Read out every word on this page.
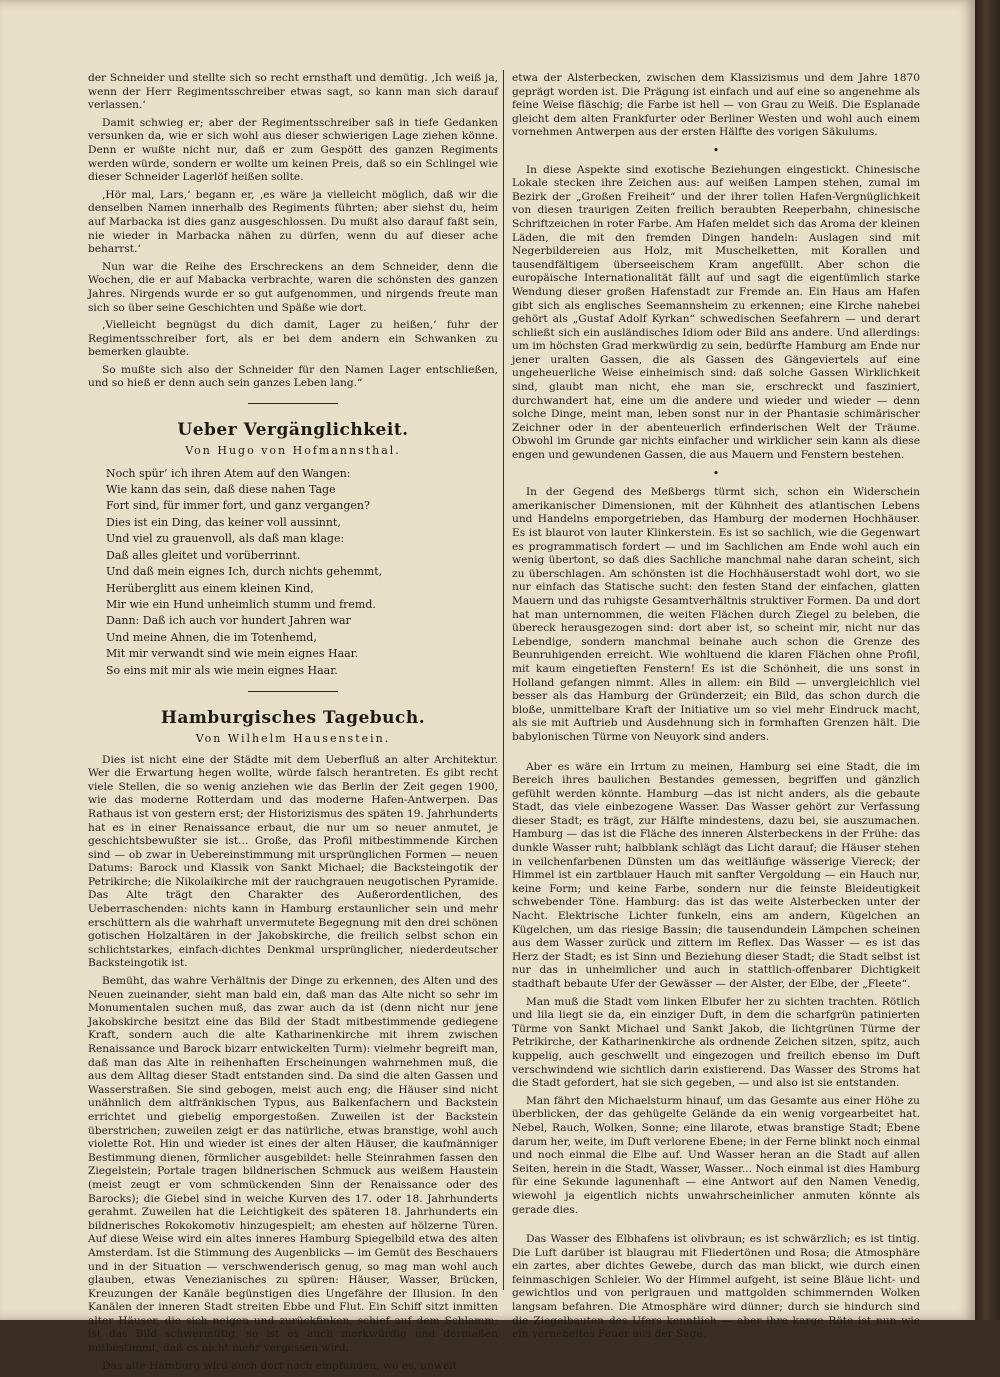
der Schneider und stellte sich so recht ernsthaft und demütig. ‚Ich weiß ja, wenn der Herr Regimentsschreiber etwas sagt, so kann man sich darauf verlassen.‘

Damit schwieg er; aber der Regimentsschreiber saß in tiefe Gedanken versunken da, wie er sich wohl aus dieser schwierigen Lage ziehen könne. Denn er wußte nicht nur, daß er zum Gespött des ganzen Regiments werden würde, sondern er wollte um keinen Preis, daß so ein Schlingel wie dieser Schneider Lagerlöf heißen sollte.

‚Hör mal, Lars,‘ begann er, ‚es wäre ja vielleicht möglich, daß wir die denselben Namen innerhalb des Regiments führten; aber siehst du, heim auf Marbacka ist dies ganz ausgeschlossen. Du mußt also darauf faßt sein, nie wieder in Marbacka nähen zu dürfen, wenn du auf dieser ache beharrst.‘

Nun war die Reihe des Erschreckens an dem Schneider, denn die Wochen, die er auf Mabacka verbrachte, waren die schönsten des ganzen Jahres. Nirgends wurde er so gut aufgenommen, und nirgends freute man sich so über seine Geschichten und Späße wie dort.

‚Vielleicht begnügst du dich damit, Lager zu heißen,‘ fuhr der Regimentsschreiber fort, als er bei dem andern ein Schwanken zu bemerken glaubte.

So mußte sich also der Schneider für den Namen Lager entschließen, und so hieß er denn auch sein ganzes Leben lang.“

Ueber Vergänglichkeit.
Von Hugo von Hofmannsthal.
Noch spür’ ich ihren Atem auf den Wangen:
Wie kann das sein, daß diese nahen Tage
Fort sind, für immer fort, und ganz vergangen?
Dies ist ein Ding, das keiner voll aussinnt,
Und viel zu grauenvoll, als daß man klage:
Daß alles gleitet und vorüberrinnt.
Und daß mein eignes Ich, durch nichts gehemmt,
Herüberglitt aus einem kleinen Kind,
Mir wie ein Hund unheimlich stumm und fremd.
Dann: Daß ich auch vor hundert Jahren war
Und meine Ahnen, die im Totenhemd,
Mit mir verwandt sind wie mein eignes Haar.
So eins mit mir als wie mein eignes Haar.
Hamburgisches Tagebuch.
Von Wilhelm Hausenstein.

Dies ist nicht eine der Städte mit dem Ueberfluß an alter Architektur. Wer die Erwartung hegen wollte, würde falsch herantreten. Es gibt recht viele Stellen, die so wenig anziehen wie das Berlin der Zeit gegen 1900, wie das moderne Rotterdam und das moderne Hafen-Antwerpen. Das Rathaus ist von gestern erst; der Historizismus des späten 19. Jahrhunderts hat es in einer Renaissance erbaut, die nur um so neuer anmutet, je geschichtsbewußter sie ist... Große, das Profil mitbestimmende Kirchen sind — ob zwar in Uebereinstimmung mit ursprünglichen Formen — neuen Datums: Barock und Klassik von Sankt Michael; die Backsteingotik der Petrikirche; die Nikolaikirche mit der rauchgrauen neugotischen Pyramide. Das Alte trägt den Charakter des Außerordentlichen, des Ueberraschenden: nichts kann in Hamburg erstaunlicher sein und mehr erschüttern als die wahrhaft unvermutete Begegnung mit den drei schönen gotischen Holzaltären in der Jakobskirche, die freilich selbst schon ein schlichtstarkes, einfach-dichtes Denkmal ursprünglicher, niederdeutscher Backsteingotik ist.

Bemüht, das wahre Verhältnis der Dinge zu erkennen, des Alten und des Neuen zueinander, sieht man bald ein, daß man das Alte nicht so sehr im Monumentalen suchen muß, das zwar auch da ist (denn nicht nur jene Jakobskirche besitzt eine das Bild der Stadt mitbestimmende gediegene Kraft, sondern auch die alte Katharinenkirche mit ihrem zwischen Renaissance und Barock bizarr entwickelten Turm): vielmehr begreift man, daß man das Alte in reihenhaften Erscheinungen wahrnehmen muß, die aus dem Alltag dieser Stadt entstanden sind. Da sind die alten Gassen und Wasserstraßen. Sie sind gebogen, meist auch eng; die Häuser sind nicht unähnlich dem altfränkischen Typus, aus Balkenfachern und Backstein errichtet und giebelig emporgestoßen. Zuweilen ist der Backstein überstrichen; zuweilen zeigt er das natürliche, etwas branstige, wohl auch violette Rot. Hin und wieder ist eines der alten Häuser, die kaufmänniger Bestimmung dienen, förmlicher ausgebildet: helle Steinrahmen fassen den Ziegelstein; Portale tragen bildnerischen Schmuck aus weißem Haustein (meist zeugt er vom schmückenden Sinn der Renaissance oder des Barocks); die Giebel sind in weiche Kurven des 17. oder 18. Jahrhunderts gerahmt. Zuweilen hat die Leichtigkeit des späteren 18. Jahrhunderts ein bildnerisches Rokokomotiv hinzugespielt; am ehesten auf hölzerne Türen. Auf diese Weise wird ein altes inneres Hamburg Spiegelbild etwa des alten Amsterdam. Ist die Stimmung des Augenblicks — im Gemüt des Beschauers und in der Situation — verschwenderisch genug, so mag man wohl auch glauben, etwas Venezianisches zu spüren: Häuser, Wasser, Brücken, Kreuzungen der Kanäle begünstigen dies Ungefähre der Illusion. In den Kanälen der inneren Stadt streiten Ebbe und Flut. Ein Schiff sitzt inmitten alter Häuser, die sich neigen und zurückfinken, schief auf dem Schlamm; ist das Bild schwermütig, so ist es auch merkwürdig und dermaßen mitbestimmt, daß es nicht mehr vergessen wird.

Das alte Hamburg wird auch dort noch empfunden, wo es, unweit

etwa der Alsterbecken, zwischen dem Klassizismus und dem Jahre 1870 geprägt worden ist. Die Prägung ist einfach und auf eine so angenehme als feine Weise fläschig; die Farbe ist hell — von Grau zu Weiß. Die Esplanade gleicht dem alten Frankfurter oder Berliner Westen und wohl auch einem vornehmen Antwerpen aus der ersten Hälfte des vorigen Säkulums.

•

In diese Aspekte sind exotische Beziehungen eingestickt. Chinesische Lokale stecken ihre Zeichen aus: auf weißen Lampen stehen, zumal im Bezirk der „Großen Freiheit“ und der ihrer tollen Hafen-Vergnüglichkeit von diesen traurigen Zeiten freilich beraubten Reeperbahn, chinesische Schriftzeichen in roter Farbe. Am Hafen meldet sich das Aroma der kleinen Läden, die mit den fremden Dingen handeln: Auslagen sind mit Negerbildereien aus Holz, mit Muschelketten, mit Korallen und tausendfältigem überseeischem Kram angefüllt. Aber schon die europäische Internationalität fällt auf und sagt die eigentümlich starke Wendung dieser großen Hafenstadt zur Fremde an. Ein Haus am Hafen gibt sich als englisches Seemannsheim zu erkennen; eine Kirche nahebei gehört als „Gustaf Adolf Kyrkan“ schwedischen Seefahrern — und derart schließt sich ein ausländisches Idiom oder Bild ans andere. Und allerdings: um im höchsten Grad merkwürdig zu sein, bedürfte Hamburg am Ende nur jener uralten Gassen, die als Gassen des Gängeviertels auf eine ungeheuerliche Weise einheimisch sind: daß solche Gassen Wirklichkeit sind, glaubt man nicht, ehe man sie, erschreckt und fasziniert, durchwandert hat, eine um die andere und wieder und wieder — denn solche Dinge, meint man, leben sonst nur in der Phantasie schimärischer Zeichner oder in der abenteuerlich erfinderischen Welt der Träume. Obwohl im Grunde gar nichts einfacher und wirklicher sein kann als diese engen und gewundenen Gassen, die aus Mauern und Fenstern bestehen.

•

In der Gegend des Meßbergs türmt sich, schon ein Widerschein amerikanischer Dimensionen, mit der Kühnheit des atlantischen Lebens und Handelns emporgetrieben, das Hamburg der modernen Hochhäuser. Es ist blaurot von lauter Klinkerstein. Es ist so sachlich, wie die Gegenwart es programmatisch fordert — und im Sachlichen am Ende wohl auch ein wenig übertont, so daß dies Sachliche manchmal nahe daran scheint, sich zu überschlagen. Am schönsten ist die Hochhäuserstadt wohl dort, wo sie nur einfach das Statische sucht: den festen Stand der einfachen, glatten Mauern und das ruhigste Gesamtverhältnis struktiver Formen. Da und dort hat man unternommen, die weiten Flächen durch Ziegel zu beleben, die übereck herausgezogen sind: dort aber ist, so scheint mir, nicht nur das Lebendige, sondern manchmal beinahe auch schon die Grenze des Beunruhigenden erreicht. Wie wohltuend die klaren Flächen ohne Profil, mit kaum eingetieften Fenstern! Es ist die Schönheit, die uns sonst in Holland gefangen nimmt. Alles in allem: ein Bild — unvergleichlich viel besser als das Hamburg der Gründerzeit; ein Bild, das schon durch die bloße, unmittelbare Kraft der Initiative um so viel mehr Eindruck macht, als sie mit Auftrieb und Ausdehnung sich in formhaften Grenzen hält. Die babylonischen Türme von Neuyork sind anders.

Aber es wäre ein Irrtum zu meinen, Hamburg sei eine Stadt, die im Bereich ihres baulichen Bestandes gemessen, begriffen und gänzlich gefühlt werden könnte. Hamburg —das ist nicht anders, als die gebaute Stadt, das viele einbezogene Wasser. Das Wasser gehört zur Verfassung dieser Stadt; es trägt, zur Hälfte mindestens, dazu bei, sie auszumachen. Hamburg — das ist die Fläche des inneren Alsterbeckens in der Frühe: das dunkle Wasser ruht; halbblank schlägt das Licht darauf; die Häuser stehen in veilchenfarbenen Dünsten um das weitläufige wässerige Viereck; der Himmel ist ein zartblauer Hauch mit sanfter Vergoldung — ein Hauch nur, keine Form; und keine Farbe, sondern nur die feinste Bleideutigkeit schwebender Töne. Hamburg: das ist das weite Alsterbecken unter der Nacht. Elektrische Lichter funkeln, eins am andern, Kügelchen an Kügelchen, um das riesige Bassin; die tausendundein Lämpchen scheinen aus dem Wasser zurück und zittern im Reflex. Das Wasser — es ist das Herz der Stadt; es ist Sinn und Beziehung dieser Stadt; die Stadt selbst ist nur das in unheimlicher und auch in stattlich-offenbarer Dichtigkeit stadthaft bebaute Ufer der Gewässer — der Alster, der Elbe, der „Fleete“.

Man muß die Stadt vom linken Elbufer her zu sichten trachten. Rötlich und lila liegt sie da, ein einziger Duft, in dem die scharfgrün patinierten Türme von Sankt Michael und Sankt Jakob, die lichtgrünen Türme der Petrikirche, der Katharinenkirche als ordnende Zeichen sitzen, spitz, auch kuppelig, auch geschwellt und eingezogen und freilich ebenso im Duft verschwindend wie sichtlich darin existierend. Das Wasser des Stroms hat die Stadt gefordert, hat sie sich gegeben, — und also ist sie entstanden.

Man fährt den Michaelsturm hinauf, um das Gesamte aus einer Höhe zu überblicken, der das gehügelte Gelände da ein wenig vorgearbeitet hat. Nebel, Rauch, Wolken, Sonne; eine lilarote, etwas branstige Stadt; Ebene darum her, weite, im Duft verlorene Ebene; in der Ferne blinkt noch einmal und noch einmal die Elbe auf. Und Wasser heran an die Stadt auf allen Seiten, herein in die Stadt, Wasser, Wasser... Noch einmal ist dies Hamburg für eine Sekunde lagunenhaft — eine Antwort auf den Namen Venedig, wiewohl ja eigentlich nichts unwahrscheinlicher anmuten könnte als gerade dies.

Das Wasser des Elbhafens ist olivbraun; es ist schwärzlich; es ist tintig. Die Luft darüber ist blaugrau mit Fliedertönen und Rosa; die Atmosphäre ein zartes, aber dichtes Gewebe, durch das man blickt, wie durch einen feinmaschigen Schleier. Wo der Himmel aufgeht, ist seine Bläue licht- und gewichtlos und von perlgrauen und mattgolden schimmernden Wolken langsam befahren. Die Atmosphäre wird dünner; durch sie hindurch sind die Ziegelbauten des Ufers kenntlich — aber ihre karge Röte ist nun wie ein vernebeltes Feuer aus der Sage.
